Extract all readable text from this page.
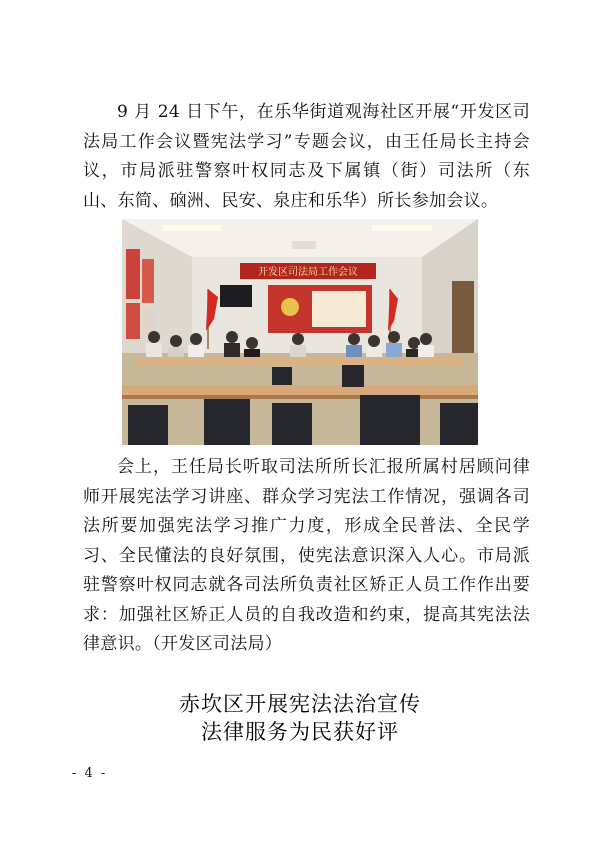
9 月 24 日下午，在乐华街道观海社区开展“开发区司法局工作会议暨宪法学习”专题会议，由王任局长主持会议，市局派驻警察叶权同志及下属镇（街）司法所（东山、东简、硇洲、民安、泉庄和乐华）所长参加会议。

开发区司法局工作会议

会上，王任局长听取司法所所长汇报所属村居顾问律师开展宪法学习讲座、群众学习宪法工作情况，强调各司法所要加强宪法学习推广力度，形成全民普法、全民学习、全民懂法的良好氛围，使宪法意识深入人心。市局派驻警察叶权同志就各司法所负责社区矫正人员工作作出要求：加强社区矫正人员的自我改造和约束，提高其宪法法律意识。（开发区司法局）

赤坎区开展宪法法治宣传
法律服务为民获好评
- 4 -
